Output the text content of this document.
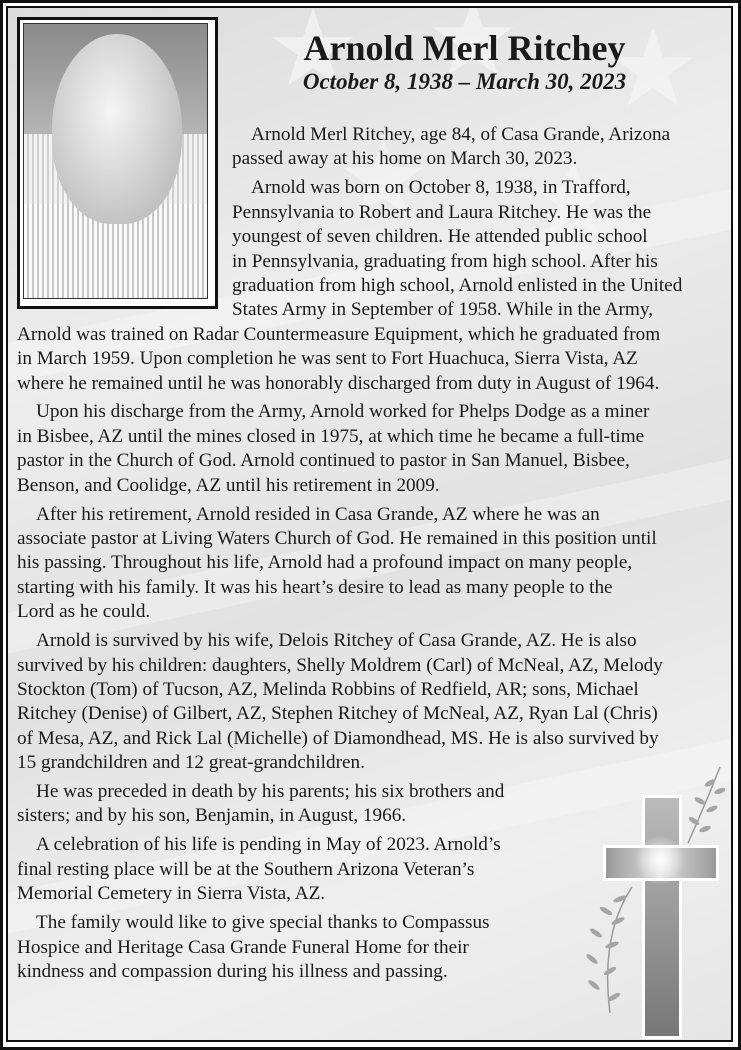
Arnold Merl Ritchey
October 8, 1938 – March 30, 2023
Arnold Merl Ritchey, age 84, of Casa Grande, Arizona
passed away at his home on March 30, 2023.
Arnold was born on October 8, 1938, in Trafford,
Pennsylvania to Robert and Laura Ritchey. He was the
youngest of seven children. He attended public school
in Pennsylvania, graduating from high school. After his
graduation from high school, Arnold enlisted in the United
States Army in September of 1958. While in the Army,
Arnold was trained on Radar Countermeasure Equipment, which he graduated from
in March 1959. Upon completion he was sent to Fort Huachuca, Sierra Vista, AZ
where he remained until he was honorably discharged from duty in August of 1964.
Upon his discharge from the Army, Arnold worked for Phelps Dodge as a miner
in Bisbee, AZ until the mines closed in 1975, at which time he became a full-time
pastor in the Church of God. Arnold continued to pastor in San Manuel, Bisbee,
Benson, and Coolidge, AZ until his retirement in 2009.
After his retirement, Arnold resided in Casa Grande, AZ where he was an
associate pastor at Living Waters Church of God. He remained in this position until
his passing. Throughout his life, Arnold had a profound impact on many people,
starting with his family. It was his heart’s desire to lead as many people to the
Lord as he could.
Arnold is survived by his wife, Delois Ritchey of Casa Grande, AZ. He is also
survived by his children: daughters, Shelly Moldrem (Carl) of McNeal, AZ, Melody
Stockton (Tom) of Tucson, AZ, Melinda Robbins of Redfield, AR; sons, Michael
Ritchey (Denise) of Gilbert, AZ, Stephen Ritchey of McNeal, AZ, Ryan Lal (Chris)
of Mesa, AZ, and Rick Lal (Michelle) of Diamondhead, MS. He is also survived by
15 grandchildren and 12 great-grandchildren.
He was preceded in death by his parents; his six brothers and
sisters; and by his son, Benjamin, in August, 1966.
A celebration of his life is pending in May of 2023. Arnold’s
final resting place will be at the Southern Arizona Veteran’s
Memorial Cemetery in Sierra Vista, AZ.
The family would like to give special thanks to Compassus
Hospice and Heritage Casa Grande Funeral Home for their
kindness and compassion during his illness and passing.
